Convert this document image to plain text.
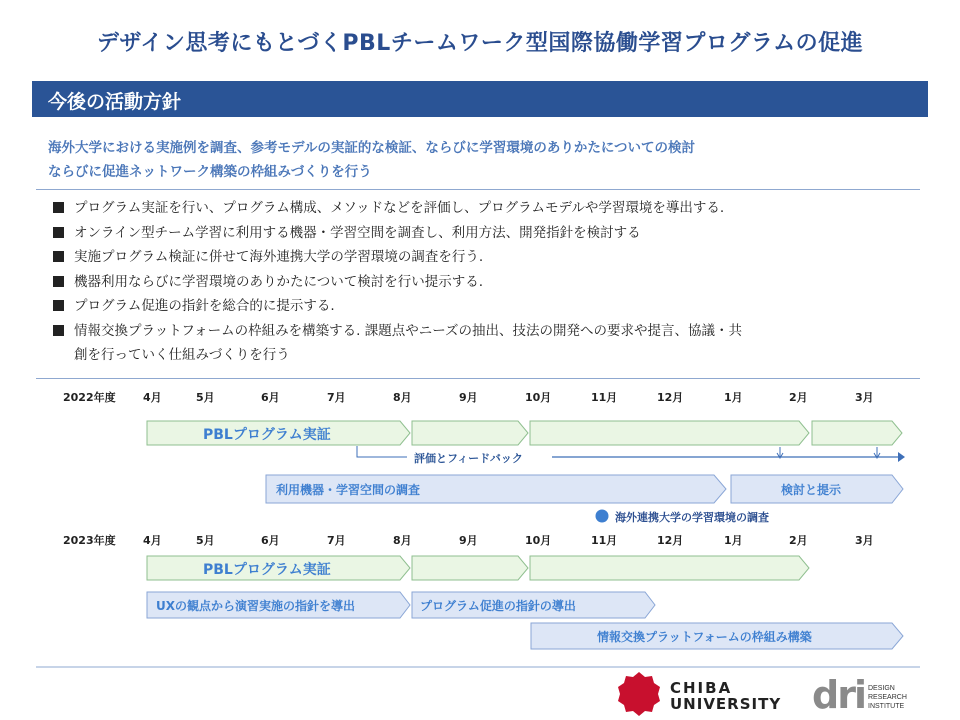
デザイン思考にもとづくPBLチームワーク型国際協働学習プログラムの促進
今後の活動方針
海外大学における実施例を調査、参考モデルの実証的な検証、ならびに学習環境のありかたについての検討
ならびに促進ネットワーク構築の枠組みづくりを行う
プログラム実証を行い、プログラム構成、メソッドなどを評価し、プログラムモデルや学習環境を導出する.
オンライン型チーム学習に利用する機器・学習空間を調査し、利用方法、開発指針を検討する
実施プログラム検証に併せて海外連携大学の学習環境の調査を行う.
機器利用ならびに学習環境のありかたについて検討を行い提示する.
プログラム促進の指針を総合的に提示する.
情報交換プラットフォームの枠組みを構築する. 課題点やニーズの抽出、技法の開発への要求や提言、協議・共
創を行っていく仕組みづくりを行う
2022年度 4月	5月	6月	7月	8月	9月	10月	11月	12月	1月	2月	3月
PBLプログラム実証
評価とフィードバック
利用機器・学習空間の調査	検討と提示
海外連携大学の学習環境の調査
2023年度 4月	5月	6月	7月	8月	9月	10月	11月	12月	1月	2月	3月
PBLプログラム実証
UXの観点から演習実施の指針を導出	プログラム促進の指針の導出
情報交換プラットフォームの枠組み構築
CHIBA
UNIVERSITY dri DESIGN
RESEARCH
INSTITUTE
